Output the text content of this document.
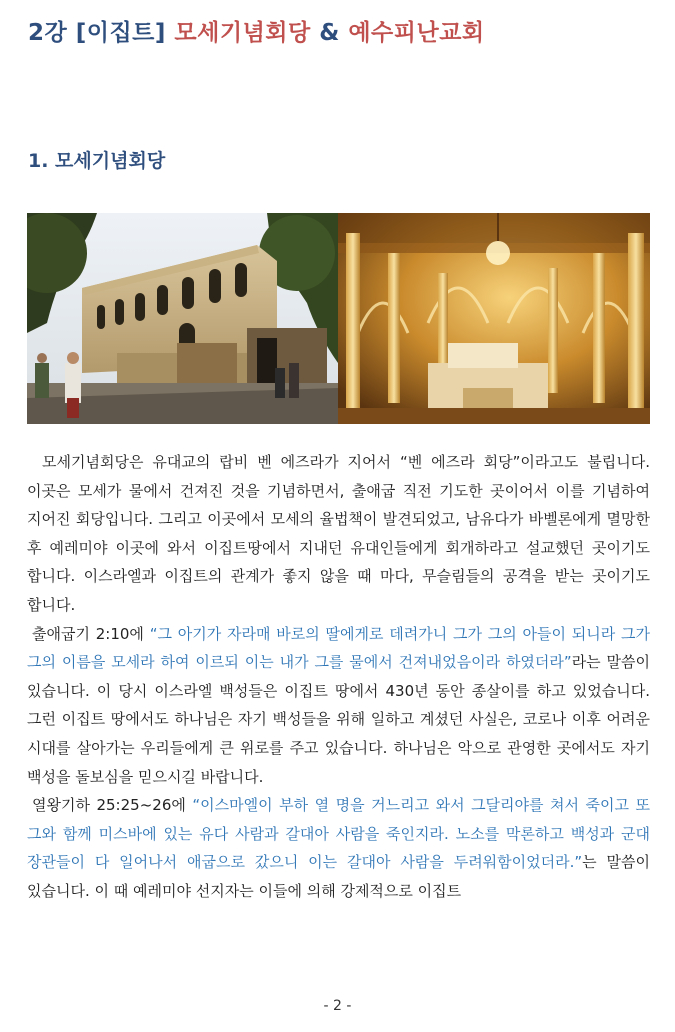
2강 [이집트] 모세기념회당 & 예수피난교회
1. 모세기념회당

모세기념회당은 유대교의 랍비 벤 에즈라가 지어서 “벤 에즈라 회당”이라고도 불립니다. 이곳은 모세가 물에서 건져진 것을 기념하면서, 출애굽 직전 기도한 곳이어서 이를 기념하여 지어진 회당입니다. 그리고 이곳에서 모세의 율법책이 발견되었고, 남유다가 바벨론에게 멸망한 후 예레미야 이곳에 와서 이집트땅에서 지내던 유대인들에게 회개하라고 설교했던 곳이기도 합니다. 이스라엘과 이집트의 관계가 좋지 않을 때 마다, 무슬림들의 공격을 받는 곳이기도 합니다.

출애굽기 2:10에 “그 아기가 자라매 바로의 딸에게로 데려가니 그가 그의 아들이 되니라 그가 그의 이름을 모세라 하여 이르되 이는 내가 그를 물에서 건져내었음이라 하였더라”라는 말씀이 있습니다. 이 당시 이스라엘 백성들은 이집트 땅에서 430년 동안 종살이를 하고 있었습니다. 그런 이집트 땅에서도 하나님은 자기 백성들을 위해 일하고 계셨던 사실은, 코로나 이후 어려운 시대를 살아가는 우리들에게 큰 위로를 주고 있습니다. 하나님은 악으로 관영한 곳에서도 자기 백성을 돌보심을 믿으시길 바랍니다.

열왕기하 25:25~26에 “이스마엘이 부하 열 명을 거느리고 와서 그달리야를 쳐서 죽이고 또 그와 함께 미스바에 있는 유다 사람과 갈대아 사람을 죽인지라. 노소를 막론하고 백성과 군대 장관들이 다 일어나서 애굽으로 갔으니 이는 갈대아 사람을 두려워함이었더라.”는 말씀이 있습니다. 이 때 예레미야 선지자는 이들에 의해 강제적으로 이집트

- 2 -
